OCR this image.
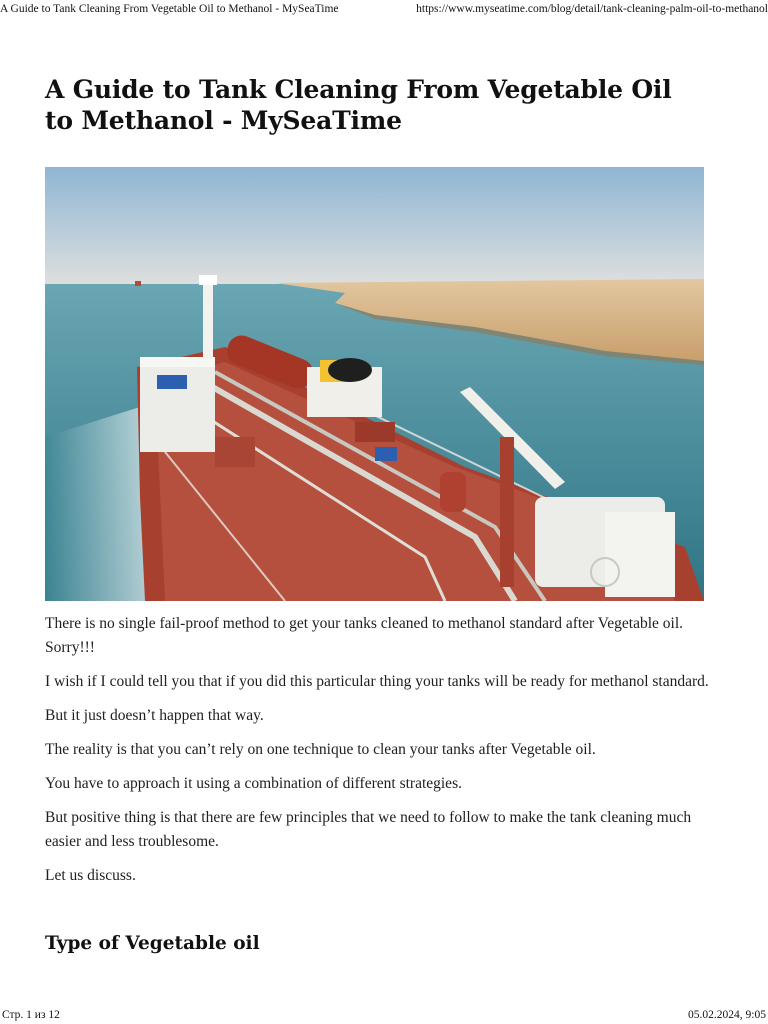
A Guide to Tank Cleaning From Vegetable Oil to Methanol - MySeaTime	https://www.myseatime.com/blog/detail/tank-cleaning-palm-oil-to-methanol
A Guide to Tank Cleaning From Vegetable Oil to Methanol - MySeaTime

There is no single fail-proof method to get your tanks cleaned to methanol standard after Vegetable oil. Sorry!!!

I wish if I could tell you that if you did this particular thing your tanks will be ready for methanol standard.

But it just doesn’t happen that way.

The reality is that you can’t rely on one technique to clean your tanks after Vegetable oil.

You have to approach it using a combination of different strategies.

But positive thing is that there are few principles that we need to follow to make the tank cleaning much easier and less troublesome.

Let us discuss.

Type of Vegetable oil
Стр. 1 из 12	05.02.2024, 9:05
